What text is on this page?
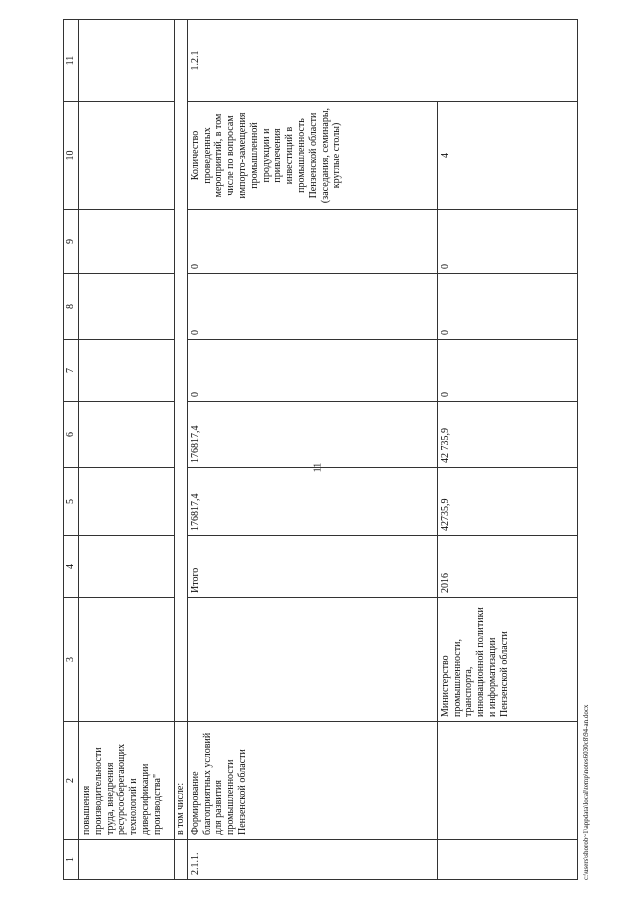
11
1	2	3	4	5	6	7	8	9	10	11
	повышения производительности труда, внедрения ресурсосберегающих технологий и диверсификации производства"									
	в том числе:									
2.1.1.	Формирование благоприятных условий для развития промышленности Пензенской области		Итого	176817,4	176817,4	0	0	0	Количество проведенных мероприятий, в том числе по вопросам импорто-замещения промышленной продукции и привлечения инвестиций в промышленность Пензенской области (заседания, семинары, круглые столы)	1.2.1
		Министерство промышленности, транспорта, инновационной политики и информатизации Пензенской области	2016	42735,9	42 735,9	0	0	0	4	
c:\users\shorob~1\appdata\local\temp\notes6030c8\94-an.docx
